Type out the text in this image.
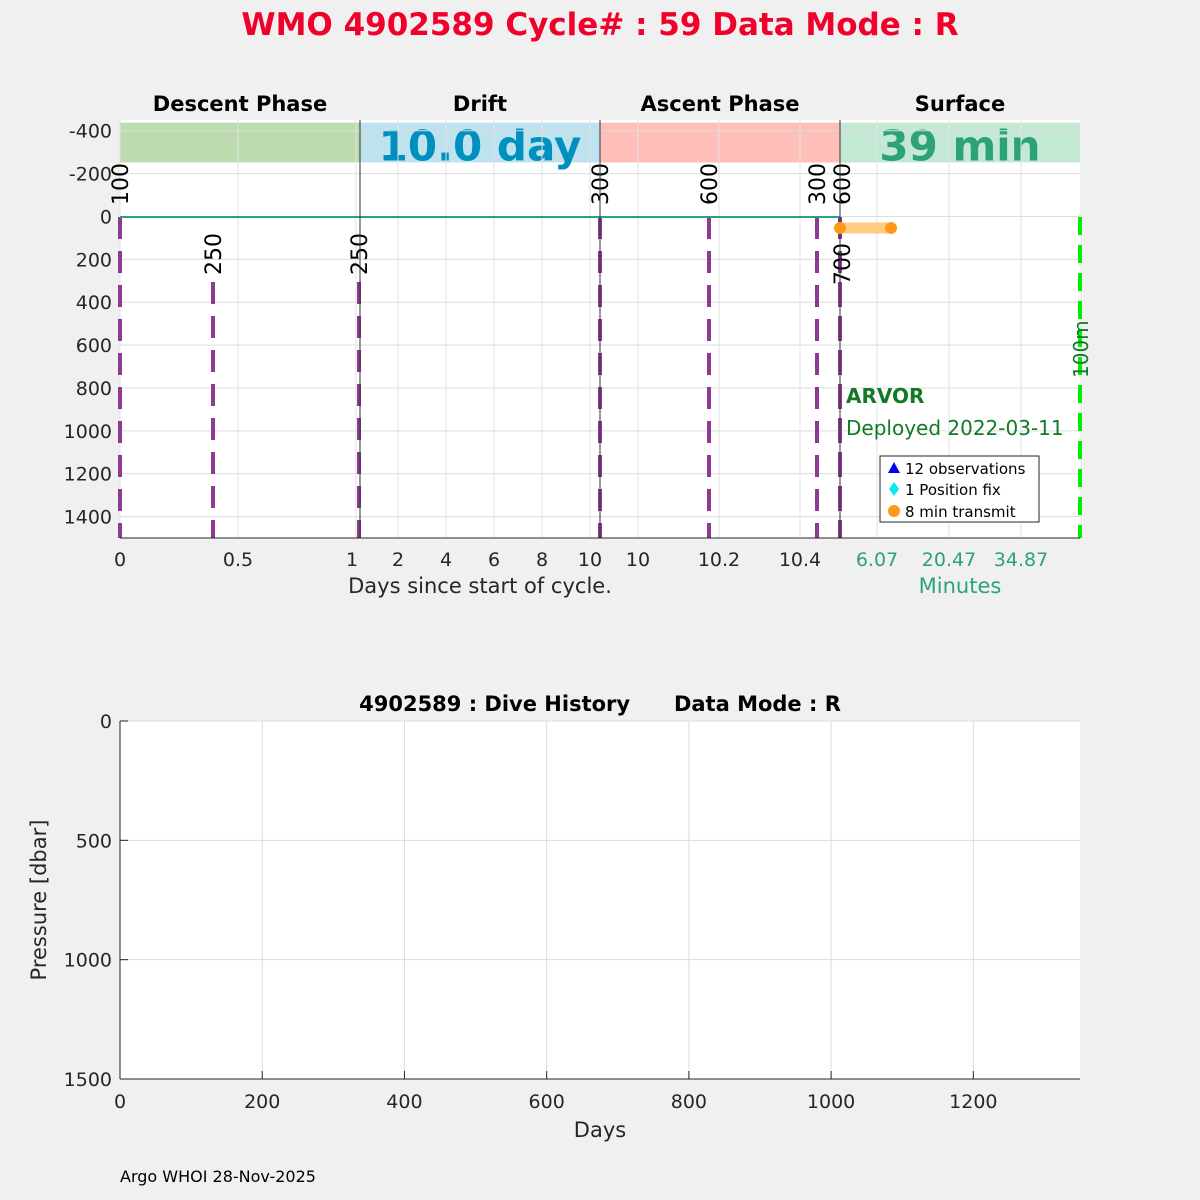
WMO 4902589 Cycle# : 59 Data Mode : R
10.0 day	39 min
Descent Phase	Drift	Ascent Phase	Surface
-400
-200
0
200
400
600
800
1000
1200
1400
0	0.5	1 2 4 6 8 10 10	10.2 10.4 6.07 20.47 34.87
100
250	250
300	600	300 600
700
100m
ARVOR
Deployed 2022-03-11
12 observations
1 Position fix
8 min transmit
Days since start of cycle.	Minutes
0	200	400	600	800	1000	1200
0
500
1000
1500
4902589 : Dive History      Data Mode : R
Days
Pressure [dbar]
Argo WHOI 28-Nov-2025
